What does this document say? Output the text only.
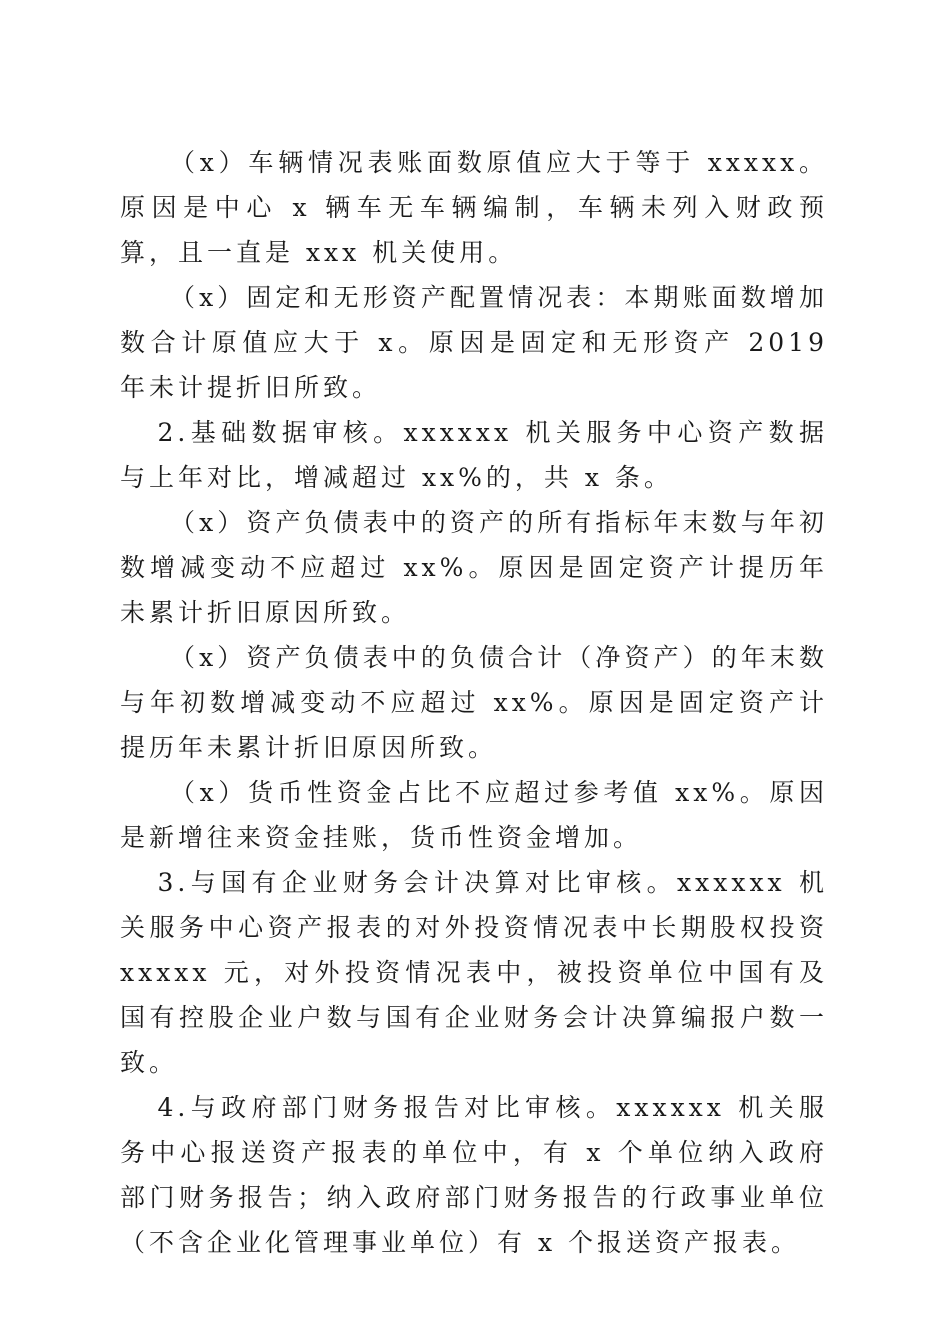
（x）车辆情况表账面数原值应大于等于 xxxxx。原因是中心 x 辆车无车辆编制，车辆未列入财政预算，且一直是 xxx 机关使用。

（x）固定和无形资产配置情况表：本期账面数增加数合计原值应大于 x。原因是固定和无形资产 2019 年未计提折旧所致。

2.基础数据审核。xxxxxx 机关服务中心资产数据与上年对比，增减超过 xx%的，共 x 条。

（x）资产负债表中的资产的所有指标年末数与年初数增减变动不应超过 xx%。原因是固定资产计提历年未累计折旧原因所致。

（x）资产负债表中的负债合计（净资产）的年末数与年初数增减变动不应超过 xx%。原因是固定资产计提历年未累计折旧原因所致。

（x）货币性资金占比不应超过参考值 xx%。原因是新增往来资金挂账，货币性资金增加。

3.与国有企业财务会计决算对比审核。xxxxxx 机关服务中心资产报表的对外投资情况表中长期股权投资 xxxxx 元，对外投资情况表中，被投资单位中国有及国有控股企业户数与国有企业财务会计决算编报户数一致。

4.与政府部门财务报告对比审核。xxxxxx 机关服务中心报送资产报表的单位中，有 x 个单位纳入政府部门财务报告；纳入政府部门财务报告的行政事业单位（不含企业化管理事业单位）有 x 个报送资产报表。
